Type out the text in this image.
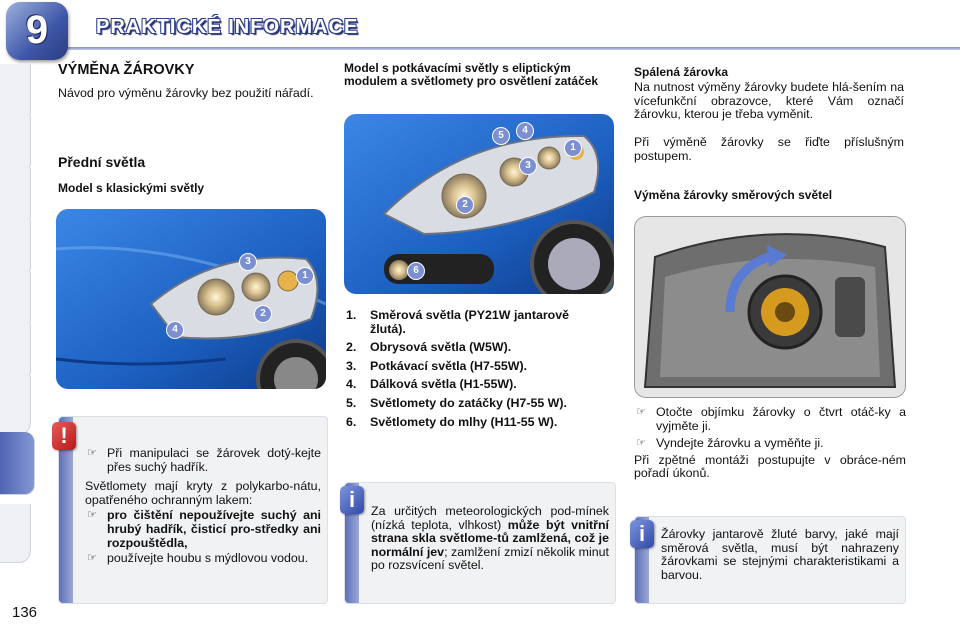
9	PRAKTICKÉ INFORMACE
136
VÝMĚNA ŽÁROVKY
Návod pro výměnu žárovky bez použití nářadí.
Přední světla
Model s klasickými světly
3
1
2
4
☞ Při manipulaci se žárovek dotý-kejte přes suchý hadřík.
Světlomety mají kryty z polykarbo-nátu, opatřeného ochranným lakem:
☞ pro čištění nepoužívejte suchý ani hrubý hadřík, čisticí pro-středky ani rozpouštědla,
☞ používejte houbu s mýdlovou vodou.
!
Model s potkávacími světly s eliptickým modulem a světlomety pro osvětlení zatáček
5	4
1
3
2
6
1. Směrová světla (PY21W jantarově žlutá).
2. Obrysová světla (W5W).
3. Potkávací světla (H7-55W).
4. Dálková světla (H1-55W).
5. Světlomety do zatáčky (H7-55 W).
6. Světlomety do mlhy (H11-55 W).
Za určitých meteorologických pod-mínek (nízká teplota, vlhkost) může být vnitřní strana skla světlome-tů zamlžená, což je normální jev; zamlžení zmizí několik minut po rozsvícení světel.
i
Spálená žárovka
Na nutnost výměny žárovky budete hlá-šením na vícefunkční obrazovce, které Vám označí žárovku, kterou je třeba vyměnit.
Při výměně žárovky se řiďte příslušným postupem.
Výměna žárovky směrových světel
☞ Otočte objímku žárovky o čtvrt otáč-ky a vyjměte ji.
☞ Vyndejte žárovku a vyměňte ji.
Při zpětné montáži postupujte v obráce-ném pořadí úkonů.
Žárovky jantarově žluté barvy, jaké mají směrová světla, musí být nahrazeny žárovkami se stejnými charakteristikami a barvou.
i
